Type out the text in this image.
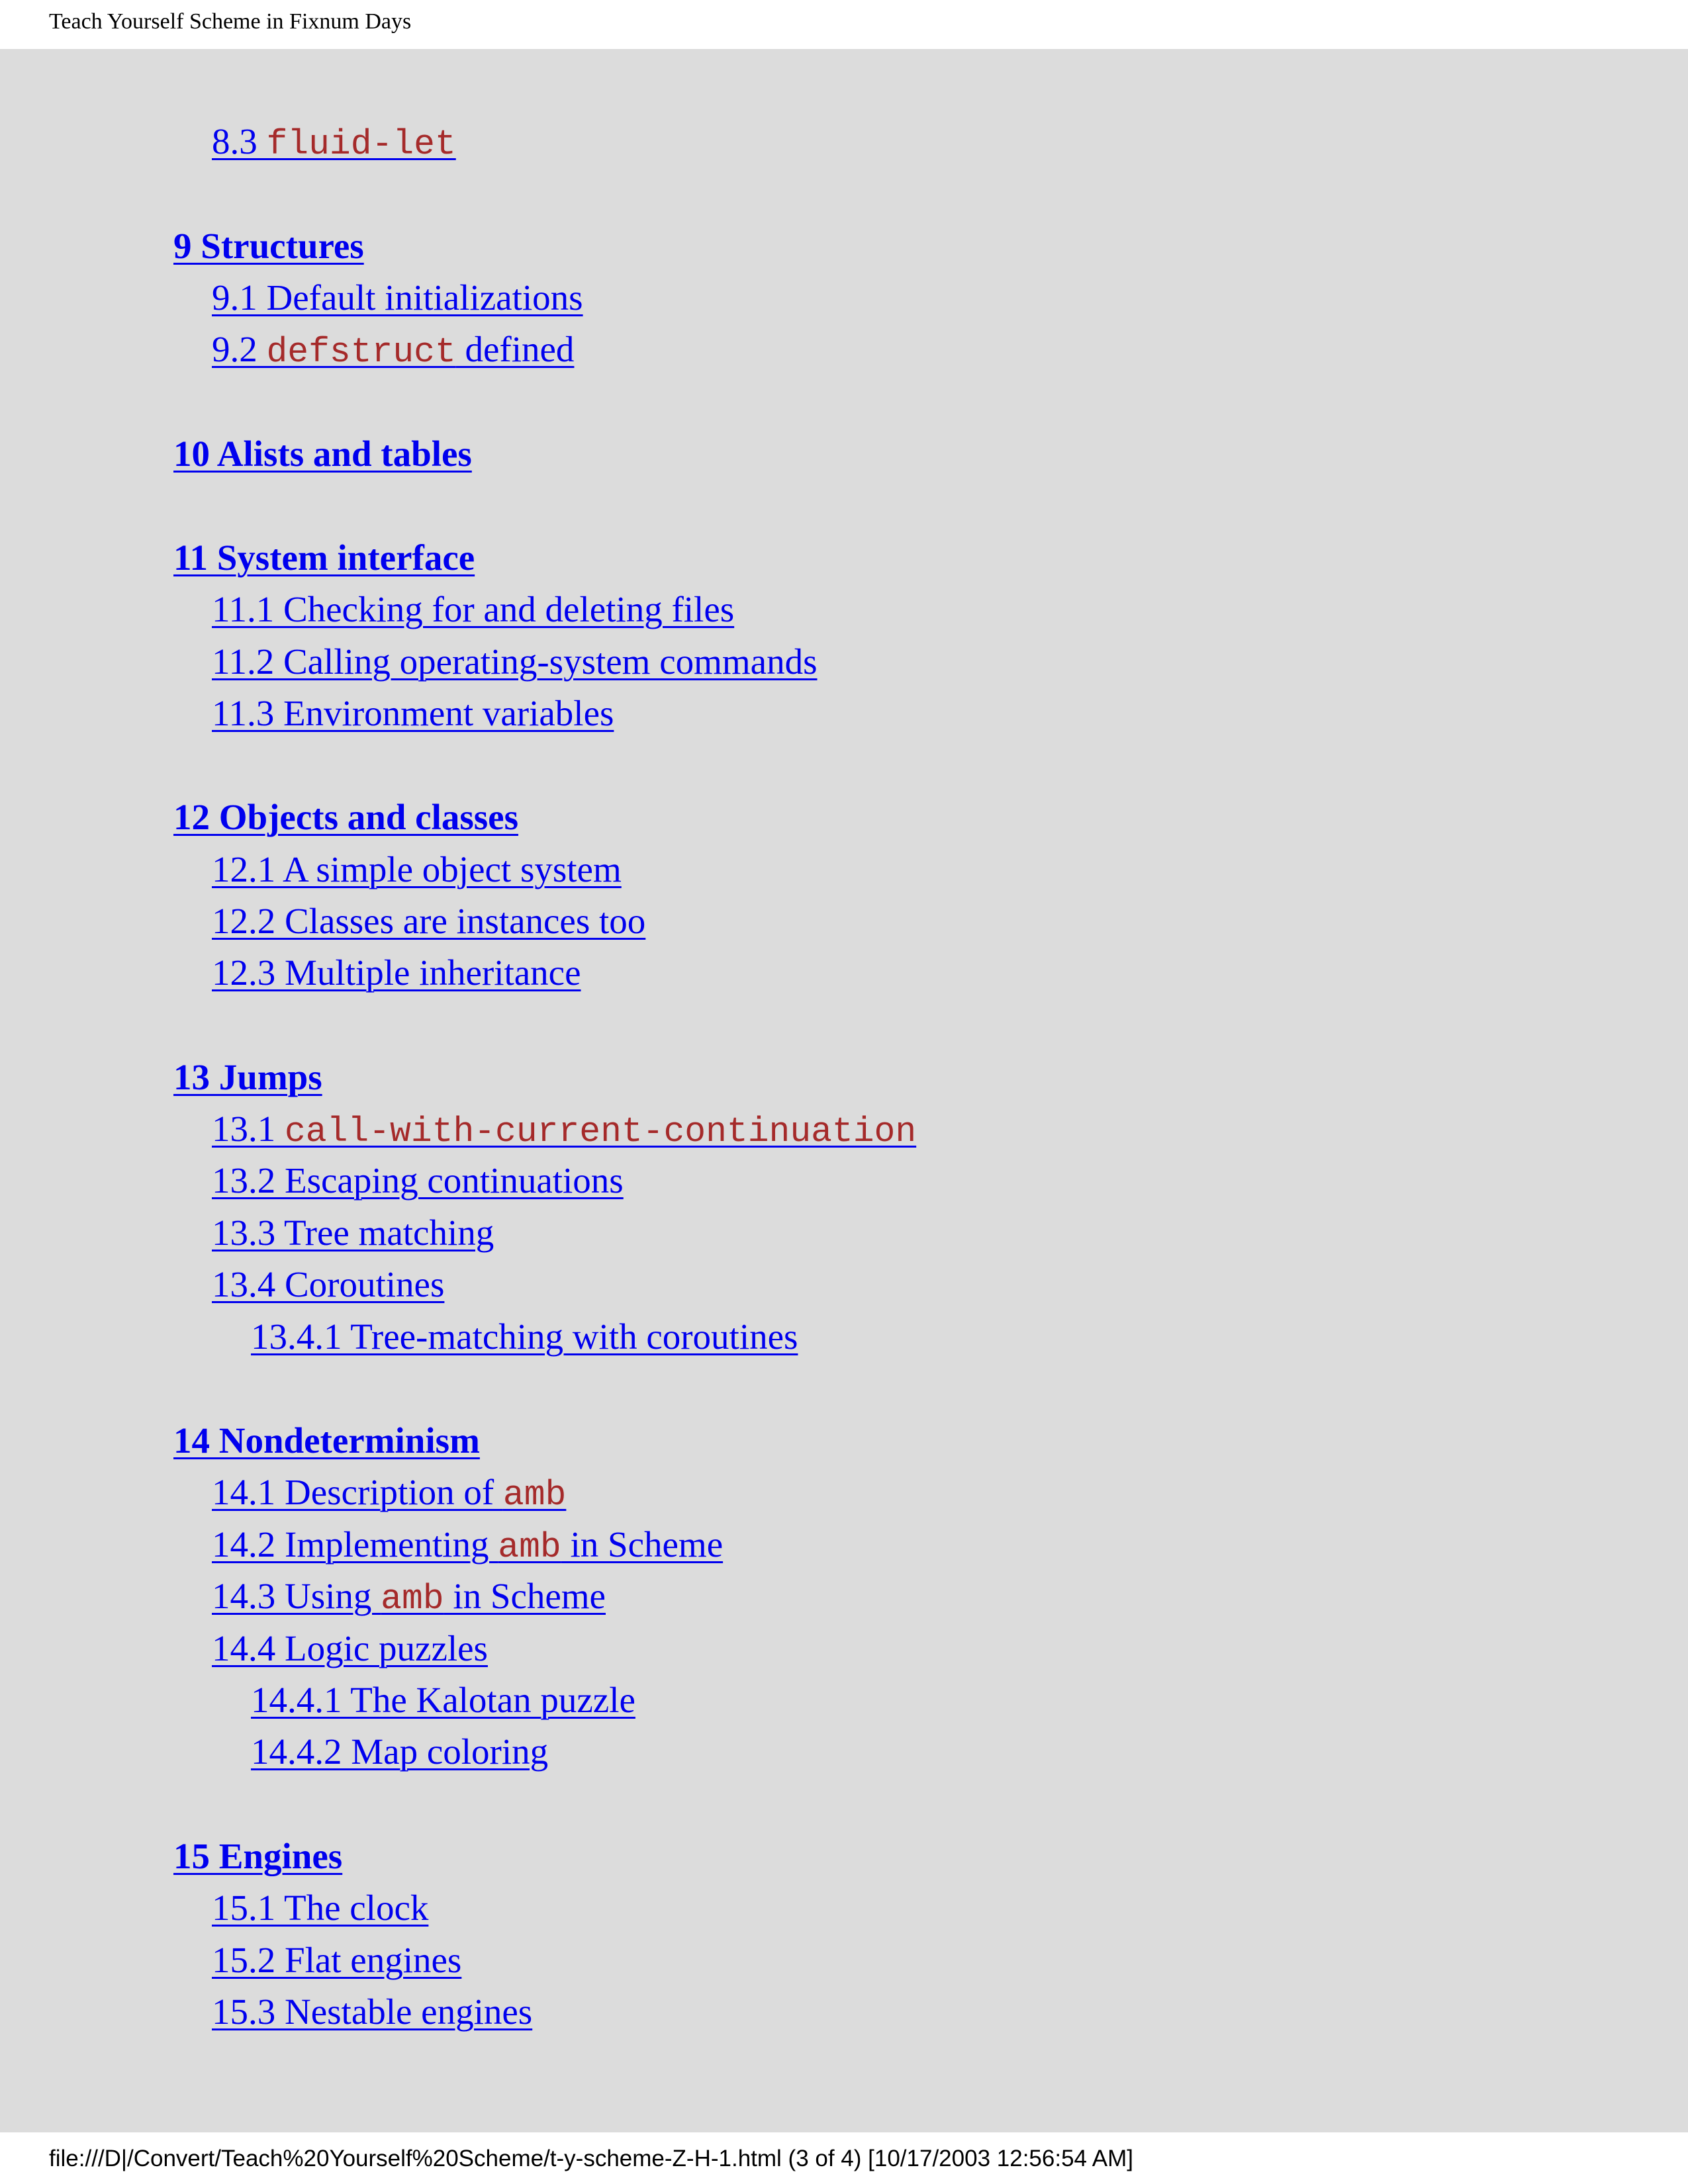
Teach Yourself Scheme in Fixnum Days
8.3 fluid-let
9 Structures
9.1 Default initializations
9.2 defstruct defined
10 Alists and tables
11 System interface
11.1 Checking for and deleting files
11.2 Calling operating-system commands
11.3 Environment variables
12 Objects and classes
12.1 A simple object system
12.2 Classes are instances too
12.3 Multiple inheritance
13 Jumps
13.1 call-with-current-continuation
13.2 Escaping continuations
13.3 Tree matching
13.4 Coroutines
13.4.1 Tree-matching with coroutines
14 Nondeterminism
14.1 Description of amb
14.2 Implementing amb in Scheme
14.3 Using amb in Scheme
14.4 Logic puzzles
14.4.1 The Kalotan puzzle
14.4.2 Map coloring
15 Engines
15.1 The clock
15.2 Flat engines
15.3 Nestable engines
file:///D|/Convert/Teach%20Yourself%20Scheme/t-y-scheme-Z-H-1.html (3 of 4) [10/17/2003 12:56:54 AM]
